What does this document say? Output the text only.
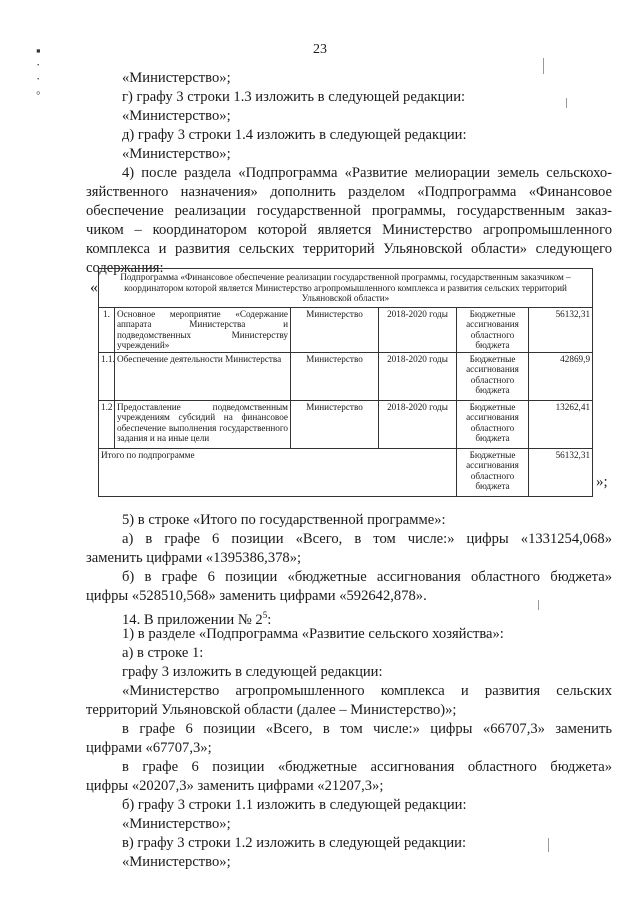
23
▪
·
·
◦
«Министерство»;
г) графу 3 строки 1.3 изложить в следующей редакции:
«Министерство»;
д) графу 3 строки 1.4 изложить в следующей редакции:
«Министерство»;
4) после раздела «Подпрограмма «Развитие мелиорации земель сельскохо-
зяйственного назначения» дополнить разделом «Подпрограмма «Финансовое
обеспечение реализации государственной программы, государственным заказ-
чиком – координатором которой является Министерство агропромышленного
комплекса и развития сельских территорий Ульяновской области» следующего
содержания:
«
Подпрограмма «Финансовое обеспечение реализации государственной программы, государственным заказчиком – координатором которой является Министерство агропромышленного комплекса и развития сельских территорий Ульяновской области»					
1.	Основное мероприятие «Содержание аппарата Министерства и подведомственных Министерству учреждений»	Министерство	2018-2020 годы	Бюджетные ассигнования областного бюджета	56132,31
1.1.	Обеспечение деятельности Министерства	Министерство	2018-2020 годы	Бюджетные ассигнования областного бюджета	42869,9
1.2	Предоставление подведомственным учреждениям субсидий на финансовое обеспечение выполнения государственного задания и на иные цели	Министерство	2018-2020 годы	Бюджетные ассигнования областного бюджета	13262,41
Итого по подпрограмме				Бюджетные ассигнования областного бюджета	56132,31
»;
5) в строке «Итого по государственной программе»:
а) в графе 6 позиции «Всего, в том числе:» цифры «1331254,068»
заменить цифрами «1395386,378»;
б) в графе 6 позиции «бюджетные ассигнования областного бюджета»
цифры «528510,568» заменить цифрами «592642,878».
14. В приложении № $2^5$:
1) в разделе «Подпрограмма «Развитие сельского хозяйства»:
а) в строке 1:
графу 3 изложить в следующей редакции:
«Министерство агропромышленного комплекса и развития сельских
территорий Ульяновской области (далее – Министерство)»;
в графе 6 позиции «Всего, в том числе:» цифры «66707,3» заменить
цифрами «67707,3»;
в графе 6 позиции «бюджетные ассигнования областного бюджета»
цифры «20207,3» заменить цифрами «21207,3»;
б) графу 3 строки 1.1 изложить в следующей редакции:
«Министерство»;
в) графу 3 строки 1.2 изложить в следующей редакции:
«Министерство»;
